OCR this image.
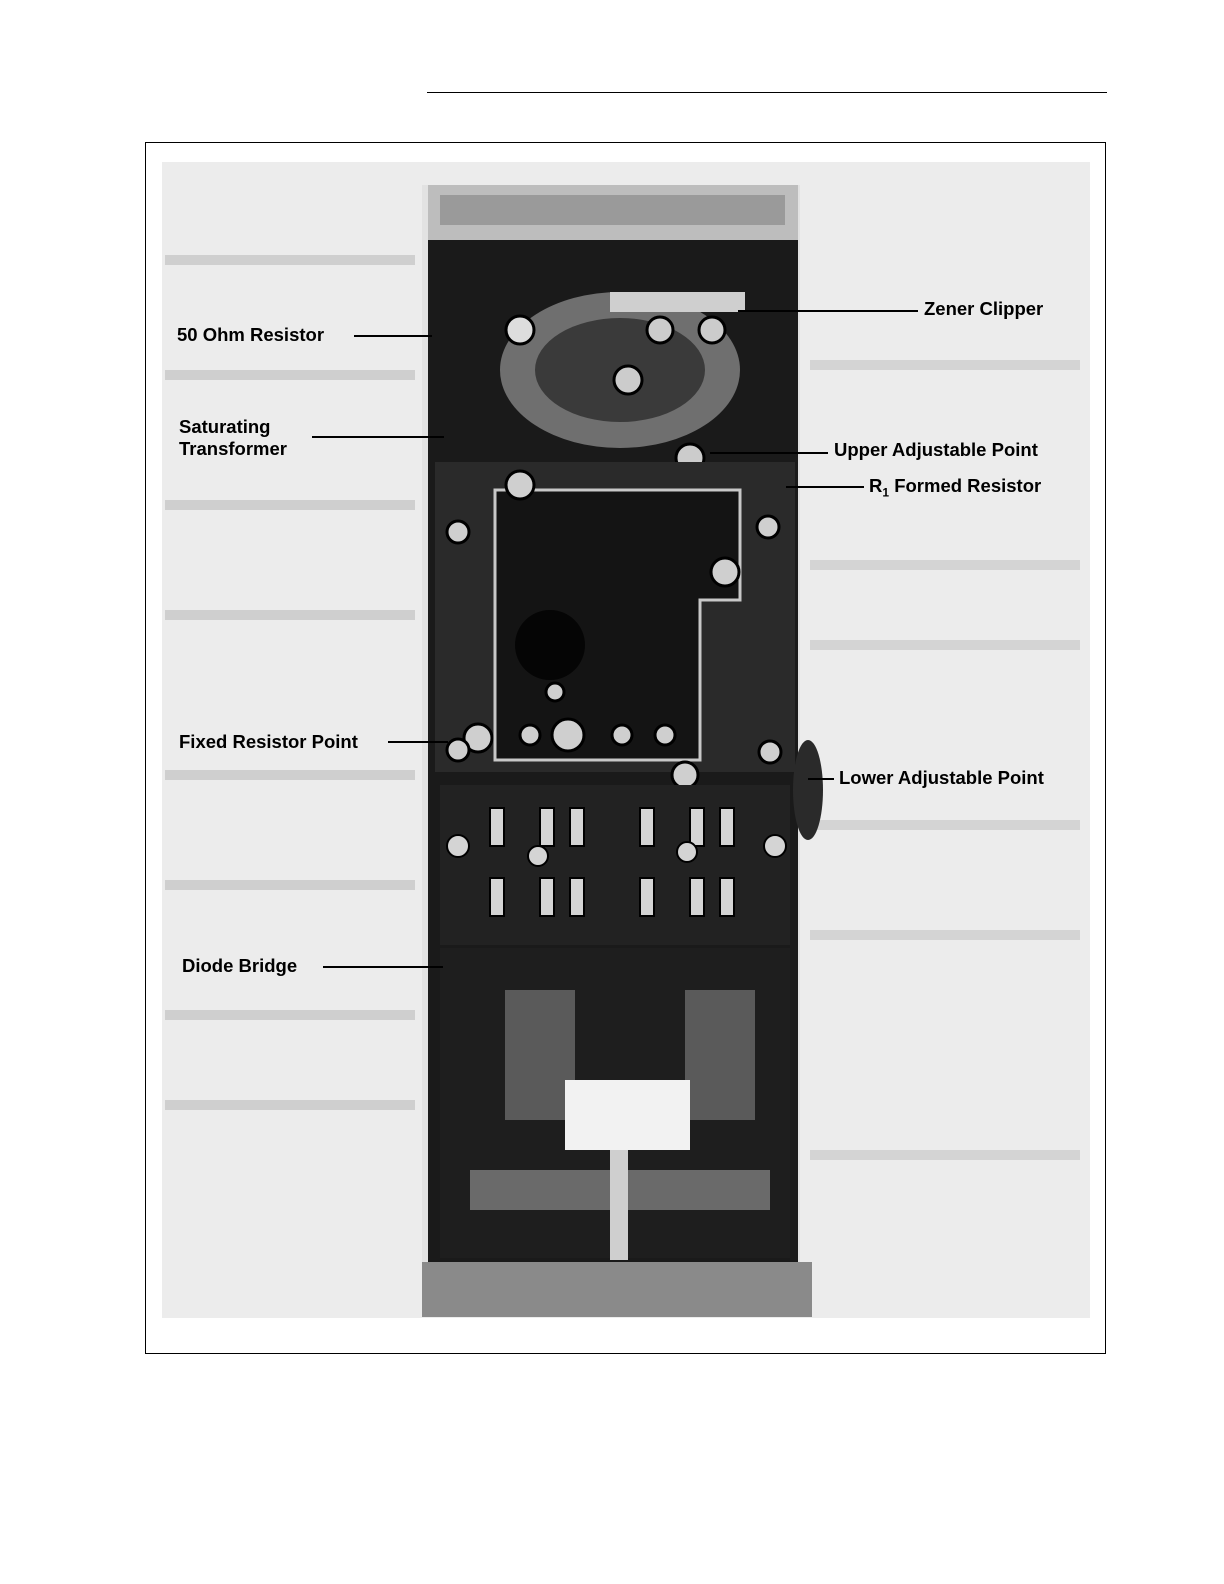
50 Ohm Resistor
Saturating
Transformer
Fixed Resistor Point
Diode Bridge
Zener Clipper
Upper Adjustable Point
$R_1$ Formed Resistor
Lower Adjustable Point
